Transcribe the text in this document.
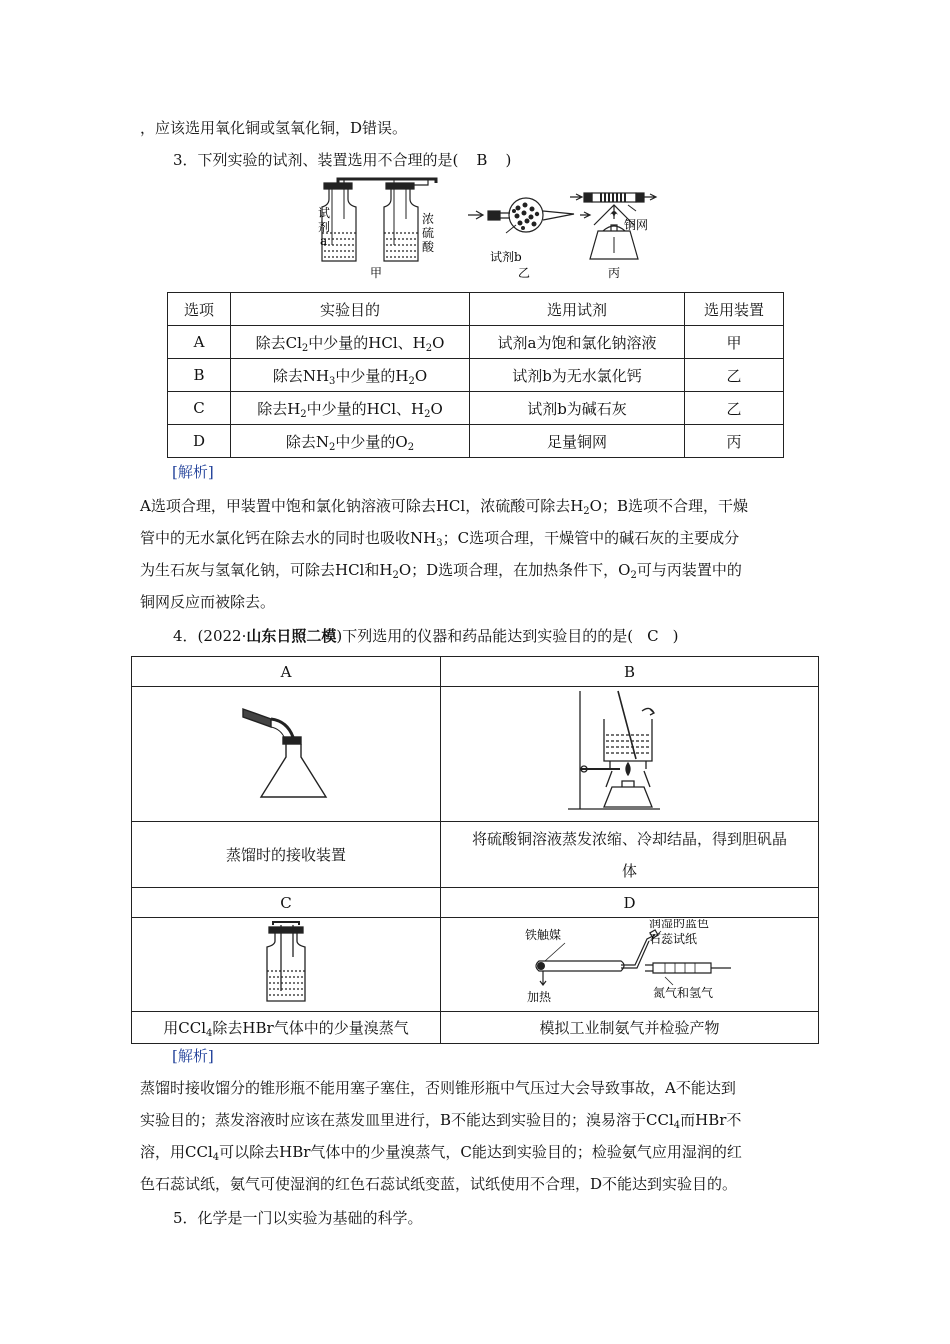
，应该选用氧化铜或氢氧化铜，D错误。
3．下列实验的试剂、装置选用不合理的是( B )
试
剂
a
浓
硫
酸
甲
试剂b
乙
铜网
丙
选项	实验目的	选用试剂	选用装置
A	除去$Cl_2$中少量的HCl、$H_2O$	试剂a为饱和氯化钠溶液	甲
B	除去$NH_3$中少量的$H_2O$	试剂b为无水氯化钙	乙
C	除去$H_2$中少量的HCl、$H_2O$	试剂b为碱石灰	乙
D	除去$N_2$中少量的$O_2$	足量铜网	丙
[解析]
A选项合理，甲装置中饱和氯化钠溶液可除去HCl，浓硫酸可除去$H_2O$；B选项不合理，干燥
管中的无水氯化钙在除去水的同时也吸收$NH_3$；C选项合理，干燥管中的碱石灰的主要成分
为生石灰与氢氧化钠，可除去HCl和$H_2O$；D选项合理，在加热条件下，$O_2$可与丙装置中的
铜网反应而被除去。
4．(2022·山东日照二模)下列选用的仪器和药品能达到实验目的的是( C )
A	B

蒸馏时的接收装置	将硫酸铜溶液蒸发浓缩、冷却结晶，得到胆矾晶
体

C	D

铁触媒
润湿的蓝色
石蕊试纸
加热 氮气和氢气

用CCl$_4$除去HBr气体中的少量溴蒸气	模拟工业制氨气并检验产物
[解析]
蒸馏时接收馏分的锥形瓶不能用塞子塞住，否则锥形瓶中气压过大会导致事故，A不能达到
实验目的；蒸发溶液时应该在蒸发皿里进行，B不能达到实验目的；溴易溶于CCl$_4$而HBr不
溶，用CCl$_4$可以除去HBr气体中的少量溴蒸气，C能达到实验目的；检验氨气应用湿润的红
色石蕊试纸，氨气可使湿润的红色石蕊试纸变蓝，试纸使用不合理，D不能达到实验目的。
5．化学是一门以实验为基础的科学。
